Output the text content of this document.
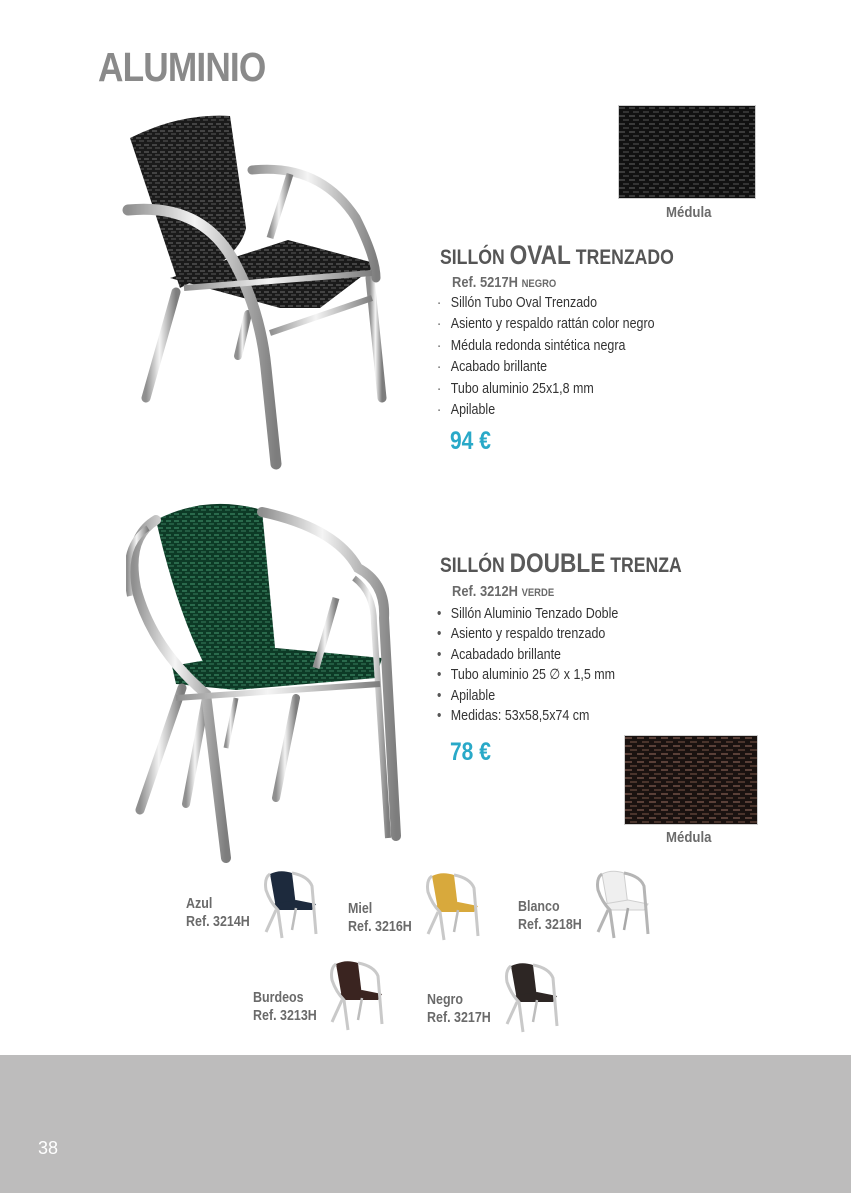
ALUMINIO
Médula
SILLÓN OVAL TRENZADO
Ref. 5217H NEGRO
· Sillón Tubo Oval Trenzado
· Asiento y respaldo rattán color negro
· Médula redonda sintética negra
· Acabado brillante
· Tubo aluminio 25x1,8 mm
· Apilable
94 €
SILLÓN DOUBLE TRENZA
Ref. 3212H VERDE
• Sillón Aluminio Tenzado Doble
• Asiento y respaldo trenzado
• Acabadado brillante
• Tubo aluminio 25 ∅ x 1,5 mm
• Apilable
• Medidas: 53x58,5x74 cm
78 €
Médula
Azul
Ref. 3214H
Miel
Ref. 3216H
Blanco
Ref. 3218H
Burdeos
Ref. 3213H
Negro
Ref. 3217H
38
